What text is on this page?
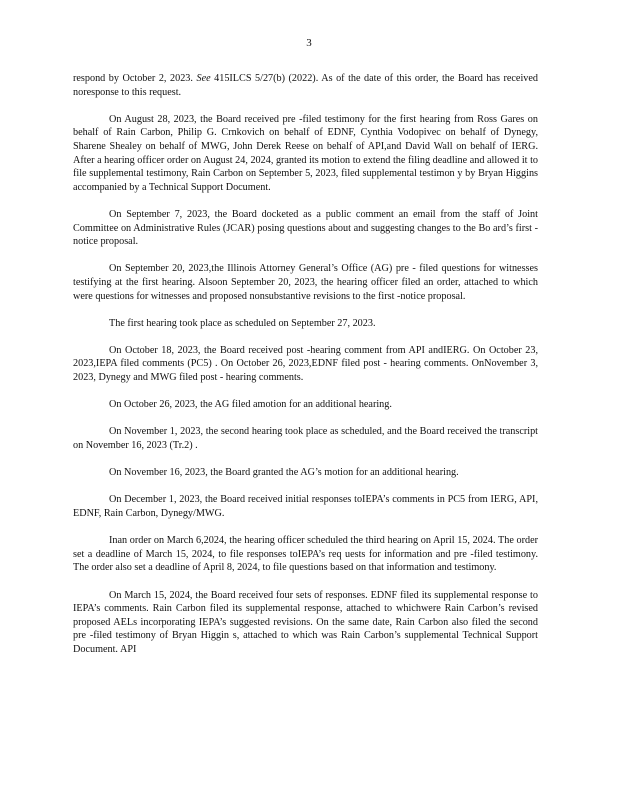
3

respond by October 2, 2023. See 415ILCS 5/27(b) (2022). As of the date of this order, the Board has received noresponse to this request.

On August 28, 2023, the Board received pre -filed testimony for the first hearing from Ross Gares on behalf of Rain Carbon, Philip G. Crnkovich on behalf of EDNF, Cynthia Vodopivec on behalf of Dynegy, Sharene Shealey on behalf of MWG, John Derek Reese on behalf of API,and David Wall on behalf of IERG. After a hearing officer order on August 24, 2024, granted its motion to extend the filing deadline and allowed it to file supplemental testimony, Rain Carbon on September 5, 2023, filed supplemental testimon y by Bryan Higgins accompanied by a Technical Support Document.

On September 7, 2023, the Board docketed as a public comment an email from the staff of Joint Committee on Administrative Rules (JCAR) posing questions about and suggesting changes to the Bo ard’s first -notice proposal.

On September 20, 2023,the Illinois Attorney General’s Office (AG) pre - filed questions for witnesses testifying at the first hearing. Alsoon September 20, 2023, the hearing officer filed an order, attached to which were questions for witnesses and proposed nonsubstantive revisions to the first -notice proposal.

The first hearing took place as scheduled on September 27, 2023.

On October 18, 2023, the Board received post -hearing comment from API andIERG. On October 23, 2023,IEPA filed comments (PC5) . On October 26, 2023,EDNF filed post - hearing comments. OnNovember 3, 2023, Dynegy and MWG filed post - hearing comments.

On October 26, 2023, the AG filed amotion for an additional hearing.

On November 1, 2023, the second hearing took place as scheduled, and the Board received the transcript on November 16, 2023 (Tr.2) .

On November 16, 2023, the Board granted the AG’s motion for an additional hearing.

On December 1, 2023, the Board received initial responses toIEPA’s comments in PC5 from IERG, API, EDNF, Rain Carbon, Dynegy/MWG.

Inan order on March 6,2024, the hearing officer scheduled the third hearing on April 15, 2024. The order set a deadline of March 15, 2024, to file responses toIEPA’s req uests for information and pre -filed testimony. The order also set a deadline of April 8, 2024, to file questions based on that information and testimony.

On March 15, 2024, the Board received four sets of responses. EDNF filed its supplemental response to IEPA’s comments. Rain Carbon filed its supplemental response, attached to whichwere Rain Carbon’s revised proposed AELs incorporating IEPA’s suggested revisions. On the same date, Rain Carbon also filed the second pre -filed testimony of Bryan Higgin s, attached to which was Rain Carbon’s supplemental Technical Support Document. API
